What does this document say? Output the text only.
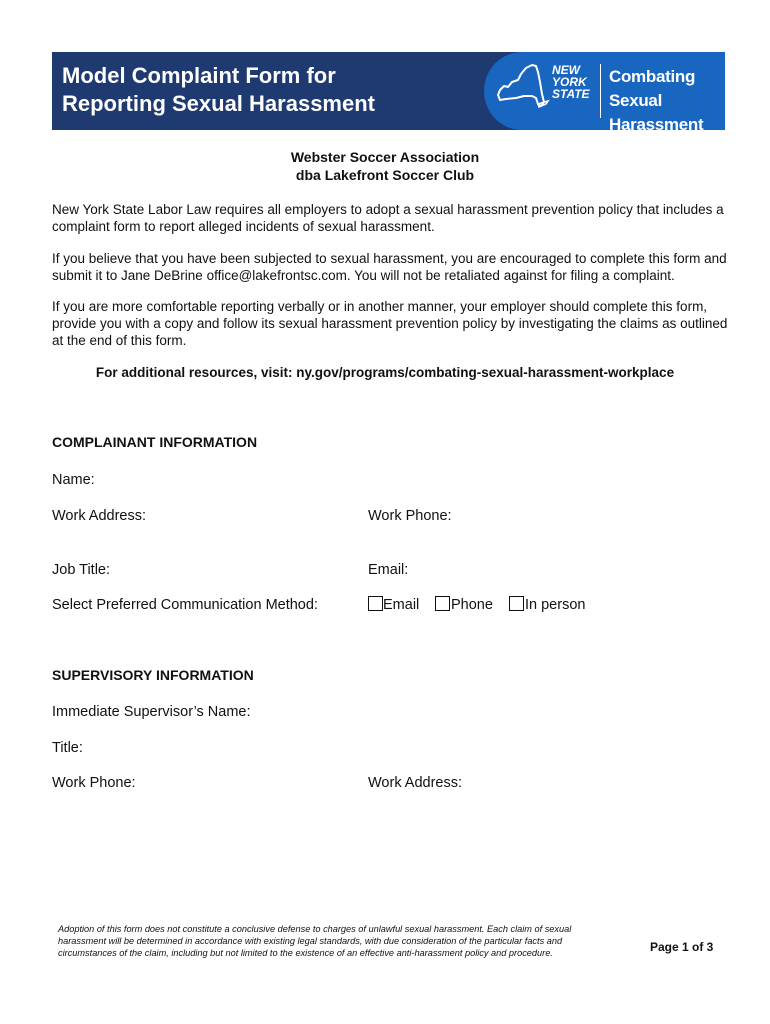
Model Complaint Form for
Reporting Sexual Harassment
NEW
YORK
STATE
Combating
Sexual Harassment
Webster Soccer Association
dba Lakefront Soccer Club
New York State Labor Law requires all employers to adopt a sexual harassment prevention policy that includes a complaint form to report alleged incidents of sexual harassment.
If you believe that you have been subjected to sexual harassment, you are encouraged to complete this form and submit it to Jane DeBrine office@lakefrontsc.com. You will not be retaliated against for filing a complaint.
If you are more comfortable reporting verbally or in another manner, your employer should complete this form, provide you with a copy and follow its sexual harassment prevention policy by investigating the claims as outlined at the end of this form.
For additional resources, visit: ny.gov/programs/combating-sexual-harassment-workplace
COMPLAINANT INFORMATION
Name:
Work Address:	Work Phone:
Job Title:	Email:
Select Preferred Communication Method:	Email Phone In person
SUPERVISORY INFORMATION
Immediate Supervisor’s Name:
Title:
Work Phone:	Work Address:
Adoption of this form does not constitute a conclusive defense to charges of unlawful sexual harassment. Each claim of sexual harassment will be determined in accordance with existing legal standards, with due consideration of the particular facts and circumstances of the claim, including but not limited to the existence of an effective anti-harassment policy and procedure.	Page 1 of 3
